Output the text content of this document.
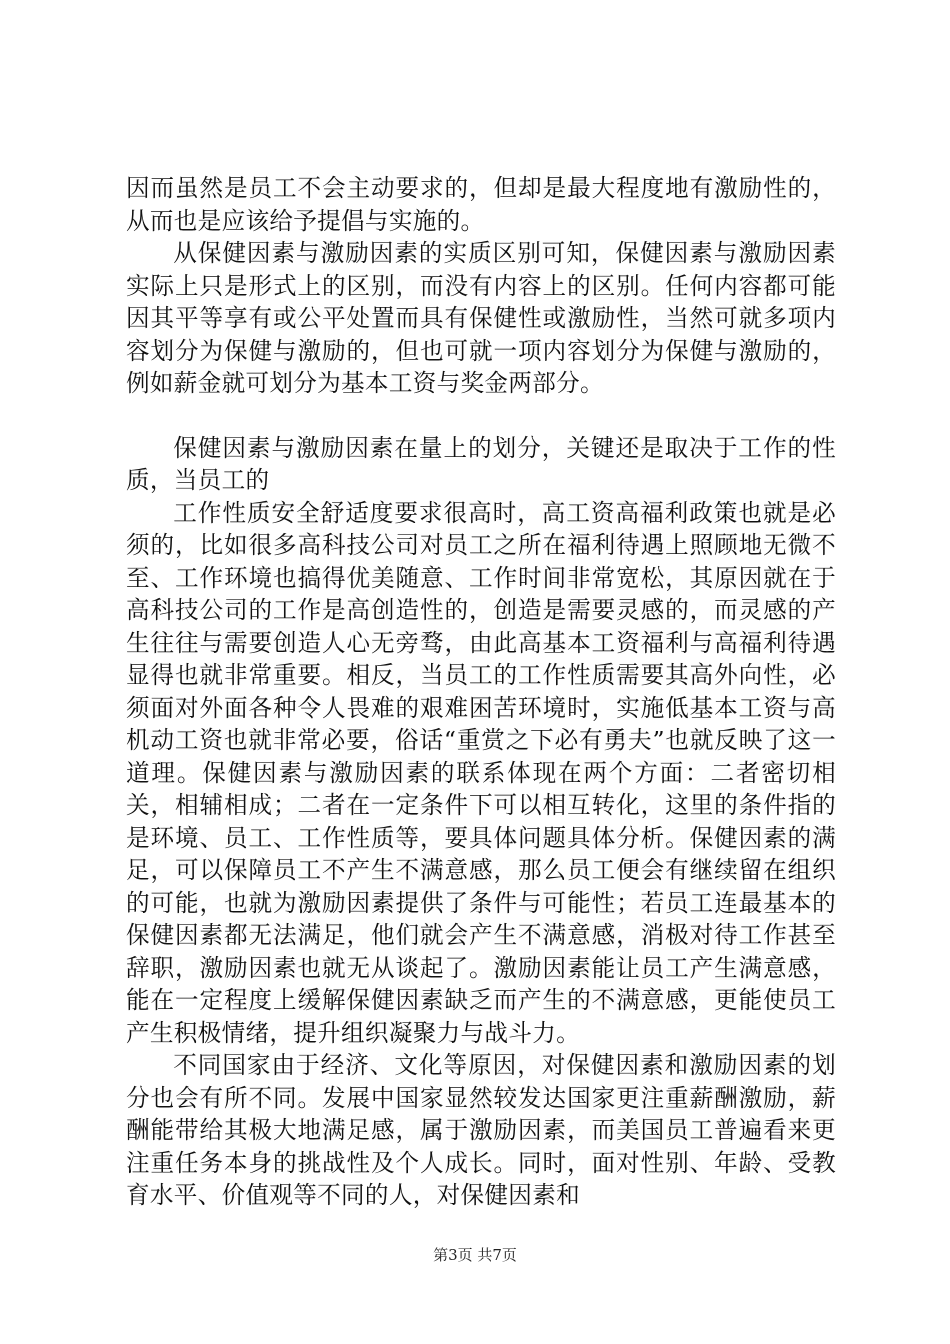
因而虽然是员工不会主动要求的，但却是最大程度地有激励性的，从而也是应该给予提倡与实施的。

从保健因素与激励因素的实质区别可知，保健因素与激励因素实际上只是形式上的区别，而没有内容上的区别。任何内容都可能因其平等享有或公平处置而具有保健性或激励性，当然可就多项内容划分为保健与激励的，但也可就一项内容划分为保健与激励的，例如薪金就可划分为基本工资与奖金两部分。

保健因素与激励因素在量上的划分，关键还是取决于工作的性质，当员工的

工作性质安全舒适度要求很高时，高工资高福利政策也就是必须的，比如很多高科技公司对员工之所在福利待遇上照顾地无微不至、工作环境也搞得优美随意、工作时间非常宽松，其原因就在于高科技公司的工作是高创造性的，创造是需要灵感的，而灵感的产生往往与需要创造人心无旁骛，由此高基本工资福利与高福利待遇显得也就非常重要。相反，当员工的工作性质需要其高外向性，必须面对外面各种令人畏难的艰难困苦环境时，实施低基本工资与高机动工资也就非常必要，俗话“重赏之下必有勇夫”也就反映了这一道理。保健因素与激励因素的联系体现在两个方面：二者密切相关，相辅相成；二者在一定条件下可以相互转化，这里的条件指的是环境、员工、工作性质等，要具体问题具体分析。保健因素的满足，可以保障员工不产生不满意感，那么员工便会有继续留在组织的可能，也就为激励因素提供了条件与可能性；若员工连最基本的保健因素都无法满足，他们就会产生不满意感，消极对待工作甚至辞职，激励因素也就无从谈起了。激励因素能让员工产生满意感，能在一定程度上缓解保健因素缺乏而产生的不满意感，更能使员工产生积极情绪，提升组织凝聚力与战斗力。

不同国家由于经济、文化等原因，对保健因素和激励因素的划分也会有所不同。发展中国家显然较发达国家更注重薪酬激励，薪酬能带给其极大地满足感，属于激励因素，而美国员工普遍看来更注重任务本身的挑战性及个人成长。同时，面对性别、年龄、受教育水平、价值观等不同的人，对保健因素和

第3页 共7页
